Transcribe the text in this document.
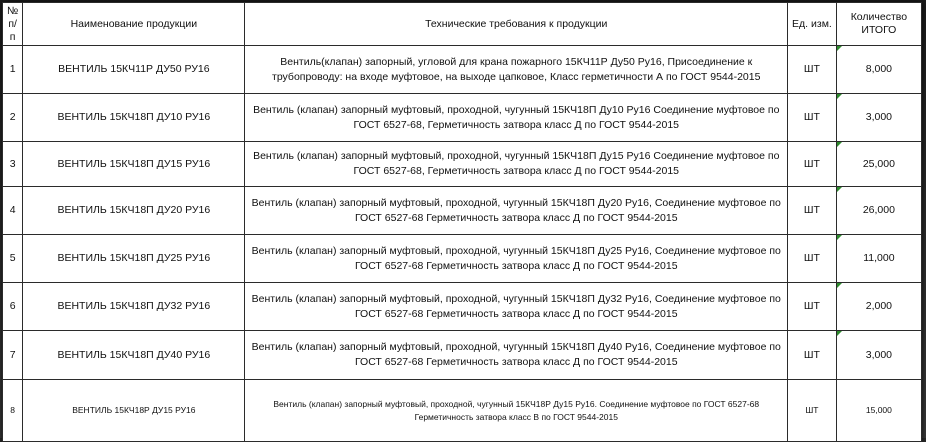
№ п/п	Наименование продукции	Технические требования к продукции	Ед. изм.	Количество ИТОГО
1	ВЕНТИЛЬ 15КЧ11Р ДУ50 РУ16	Вентиль(клапан) запорный, угловой для крана пожарного 15КЧ11Р Ду50 Ру16, Присоединение к трубопроводу: на входе муфтовое, на выходе цапковое, Класс герметичности А по ГОСТ 9544-2015	ШТ	8,000
2	ВЕНТИЛЬ 15КЧ18П ДУ10 РУ16	Вентиль (клапан) запорный муфтовый, проходной, чугунный 15КЧ18П Ду10 Ру16 Соединение муфтовое по ГОСТ 6527-68, Герметичность затвора класс Д по ГОСТ 9544-2015	ШТ	3,000
3	ВЕНТИЛЬ 15КЧ18П ДУ15 РУ16	Вентиль (клапан) запорный муфтовый, проходной, чугунный 15КЧ18П Ду15 Ру16 Соединение муфтовое по ГОСТ 6527-68, Герметичность затвора класс Д по ГОСТ 9544-2015	ШТ	25,000
4	ВЕНТИЛЬ 15КЧ18П ДУ20 РУ16	Вентиль (клапан) запорный муфтовый, проходной, чугунный 15КЧ18П Ду20 Ру16, Соединение муфтовое по ГОСТ 6527-68 Герметичность затвора класс Д по ГОСТ 9544-2015	ШТ	26,000
5	ВЕНТИЛЬ 15КЧ18П ДУ25 РУ16	Вентиль (клапан) запорный муфтовый, проходной, чугунный 15КЧ18П Ду25 Ру16, Соединение муфтовое по ГОСТ 6527-68 Герметичность затвора класс Д по ГОСТ 9544-2015	ШТ	11,000
6	ВЕНТИЛЬ 15КЧ18П ДУ32 РУ16	Вентиль (клапан) запорный муфтовый, проходной, чугунный 15КЧ18П Ду32 Ру16, Соединение муфтовое по ГОСТ 6527-68 Герметичность затвора класс Д по ГОСТ 9544-2015	ШТ	2,000
7	ВЕНТИЛЬ 15КЧ18П ДУ40 РУ16	Вентиль (клапан) запорный муфтовый, проходной, чугунный 15КЧ18П Ду40 Ру16, Соединение муфтовое по ГОСТ 6527-68 Герметичность затвора класс Д по ГОСТ 9544-2015	ШТ	3,000
8	ВЕНТИЛЬ 15КЧ18Р ДУ15 РУ16	Вентиль (клапан) запорный муфтовый, проходной, чугунный 15КЧ18Р Ду15 Ру16. Соединение муфтовое по ГОСТ 6527-68 Герметичность затвора класс В по ГОСТ 9544-2015	ШТ	15,000
